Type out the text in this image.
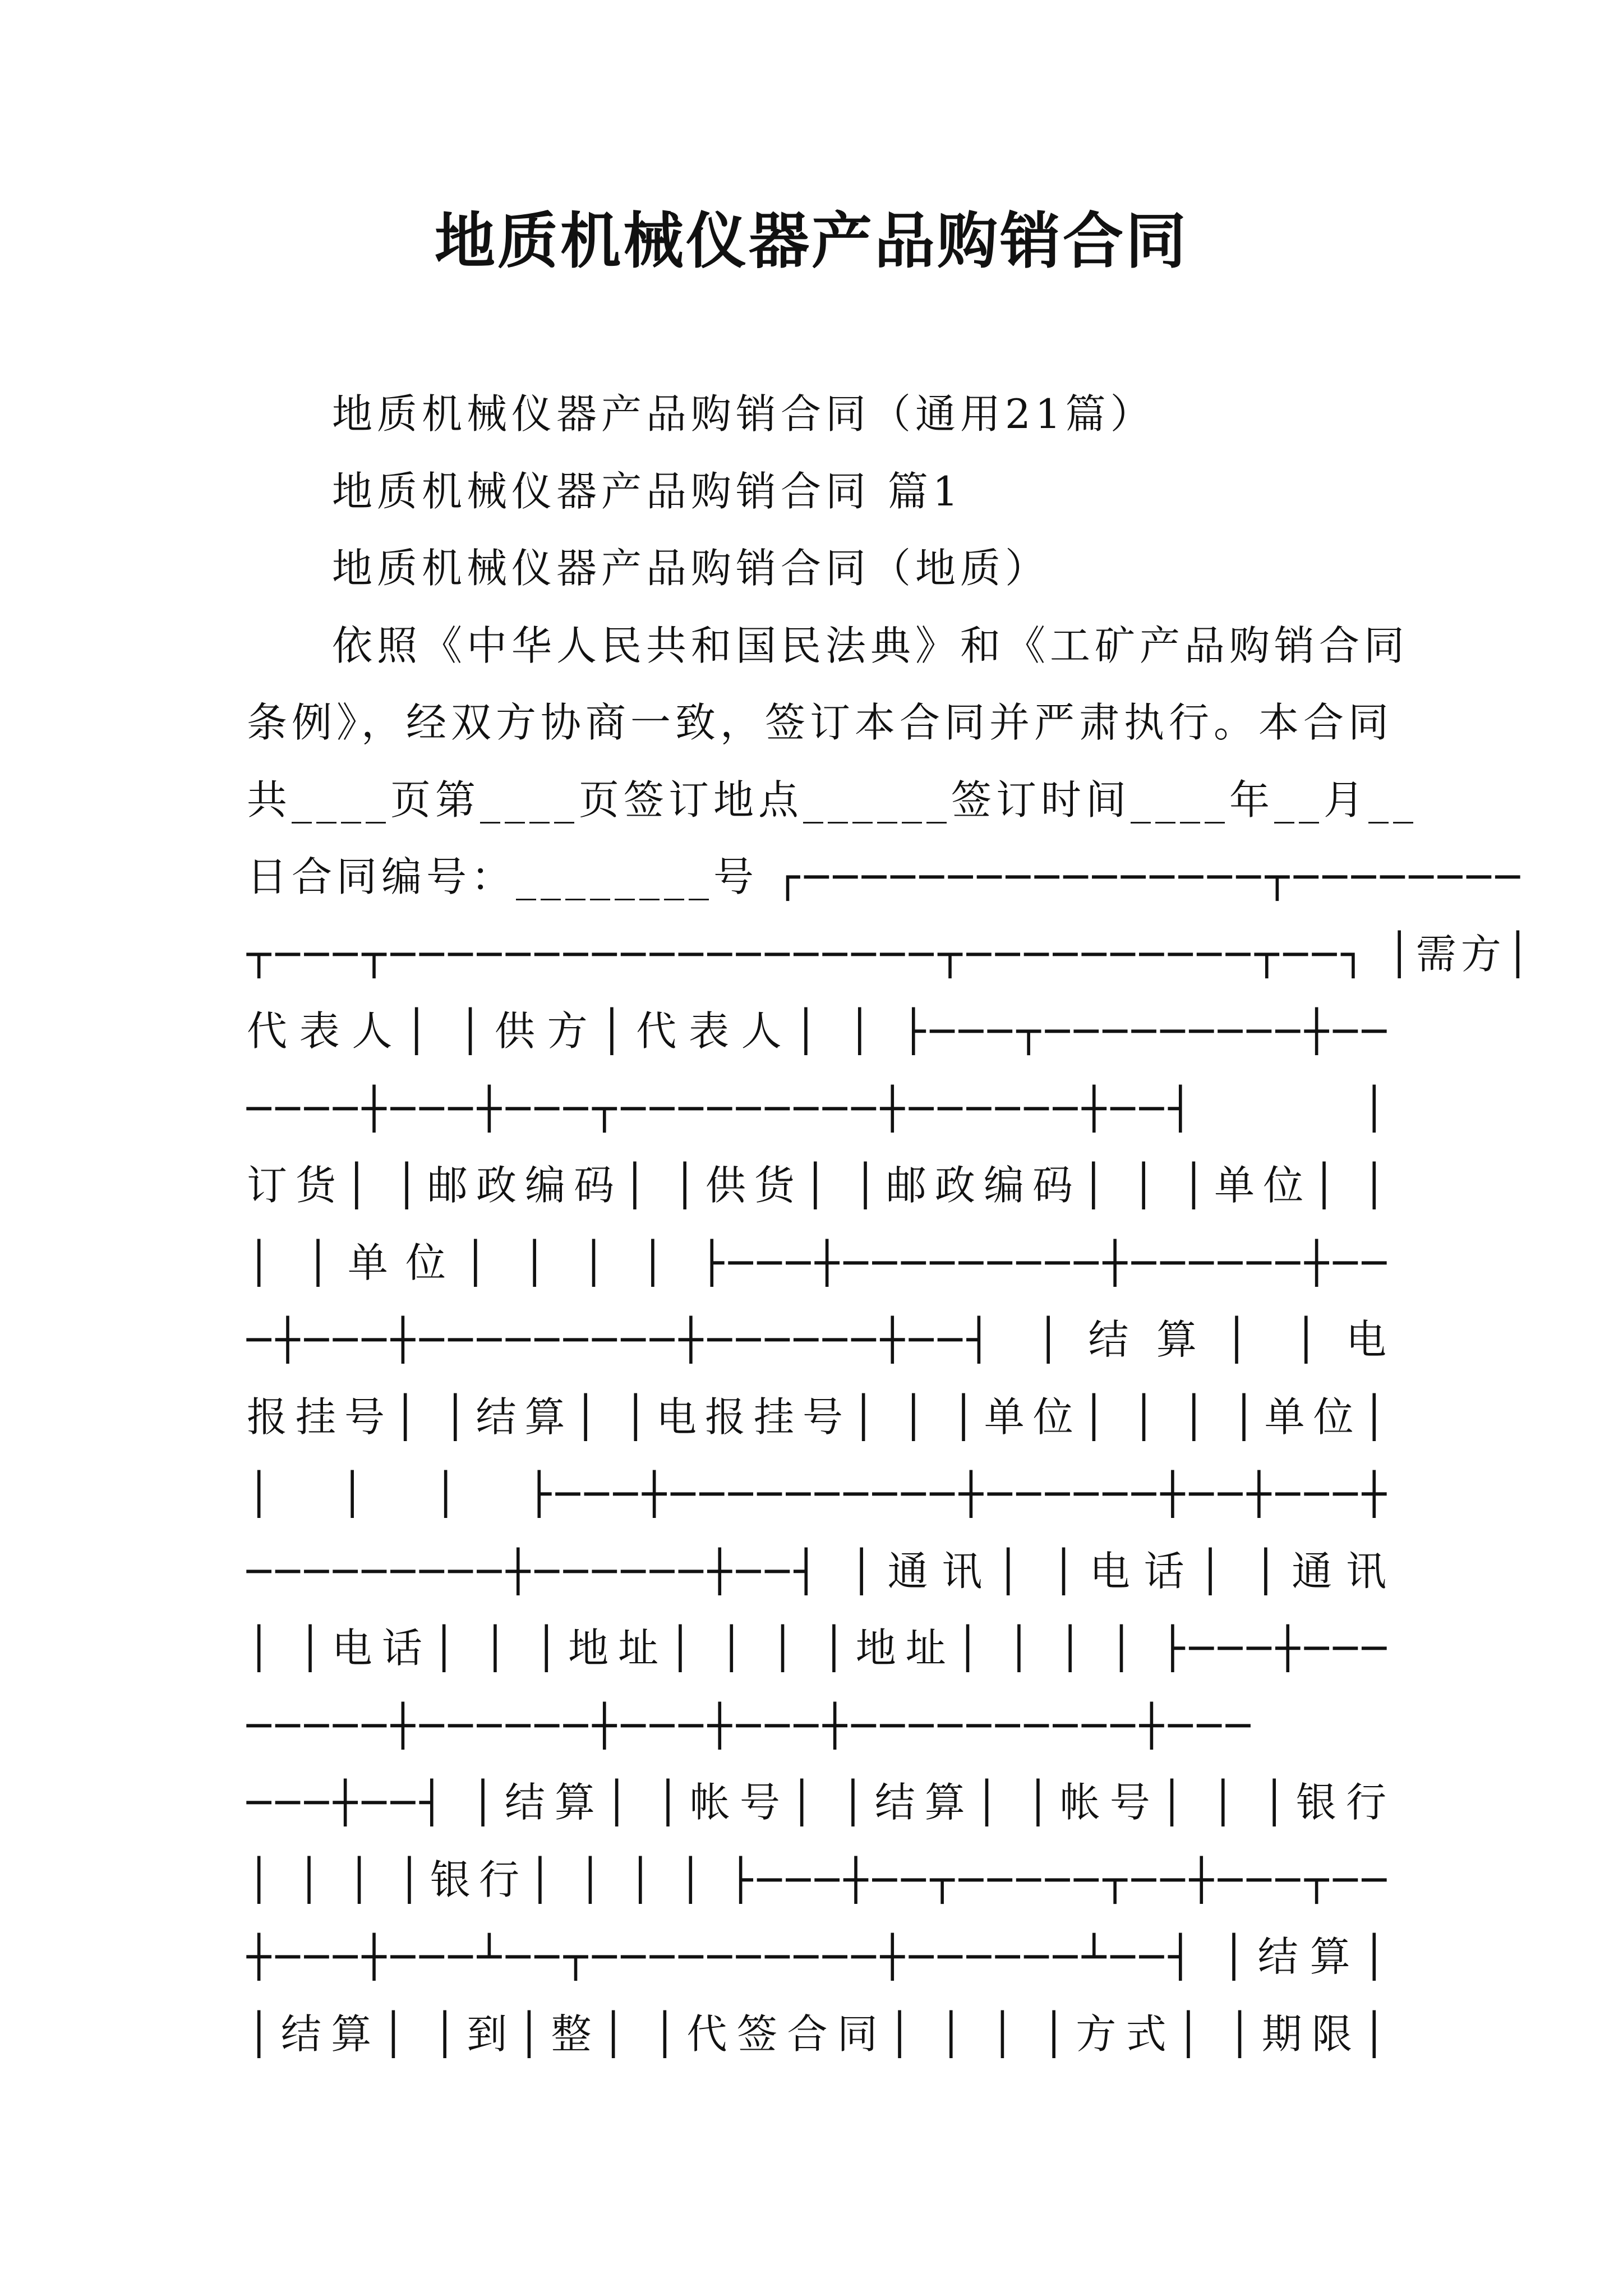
地质机械仪器产品购销合同
地质机械仪器产品购销合同（通用21篇）
地质机械仪器产品购销合同 篇1
地质机械仪器产品购销合同（地质）
依照《中华人民共和国民法典》和《工矿产品购销合同
条例》，经双方协商一致，签订本合同并严肃执行。本合同
共____页第____页签订地点______签订时间____年__月__
日合同编号：________号 ┌────────────────┬────────
┬───┬───────────────────┬──────────┬──┐ │需方│
代表人│ │供方│代表人│ │ ├───┬─────────┼──
────┼───┼───┬─────────┼──────┼──┤ │
订货│ │邮政编码│ │供货│ │邮政编码│ │ │单位│ │
│ │单位│ │ │ │ ├───┼─────────┼──────┼──
─┼───┼─────────┼──────┼──┤ │结算│ │电
报挂号│ │结算│ │电报挂号│ │ │单位│ │ │ │单位│
│ │ │ ├───┼──────────┼──────┼──┼───┼
─────────┼──────┼──┤ │通讯│ │电话│ │通讯
│ │电话│ │ │地址│ │ │ │地址│ │ │ │ ├───┼───
─────┼──────┼───┼───┼──────────┼───
───┼──┤ │结算│ │帐号│ │结算│ │帐号│ │ │银行
│ │ │ │银行│ │ │ │ ├───┼──┬─────┬──┼───┬──
┼───┼───┴──┬──────────┼──────┴──┤ │结算│
│结算│ │到│整│ │代签合同│ │ │ │方式│ │期限│
